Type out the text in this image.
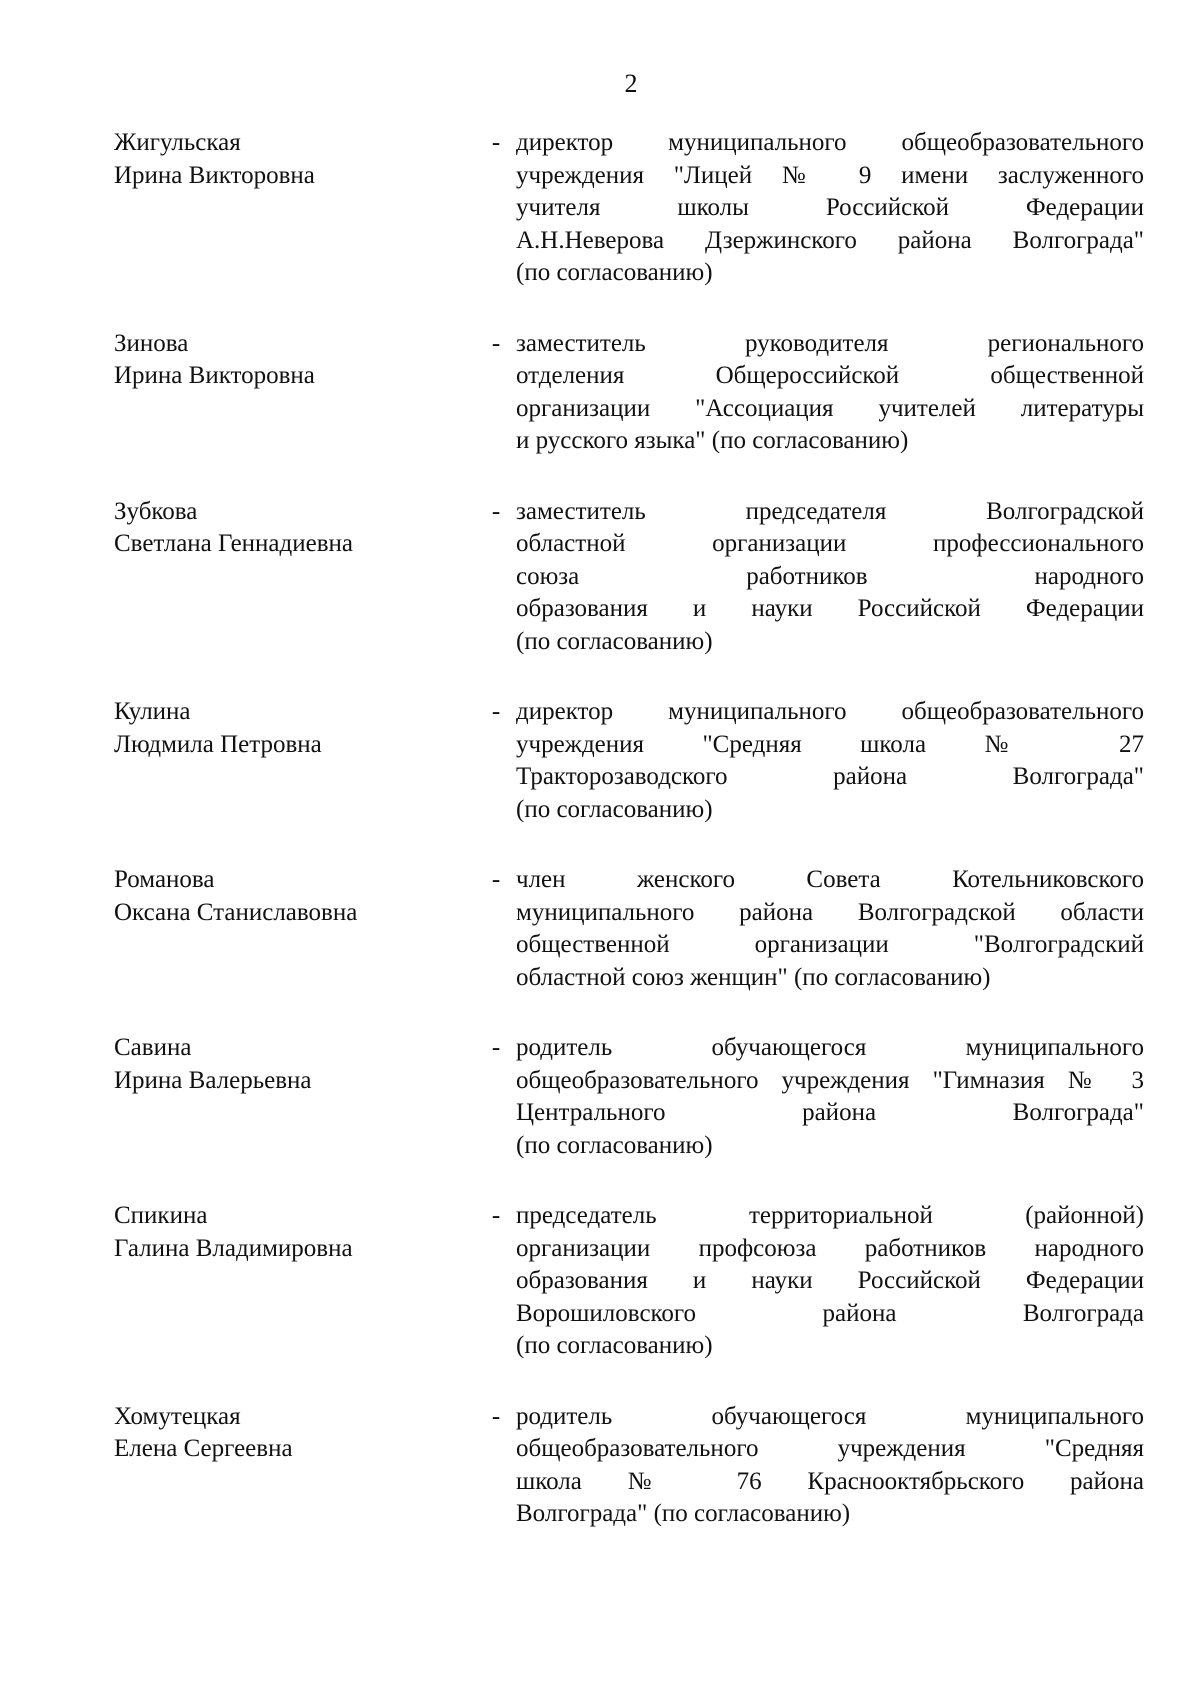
2
Жигульская
Ирина Викторовна
- директор муниципального общеобразовательного
учреждения "Лицей № 9 имени заслуженного
учителя школы Российской Федерации
А.Н.Неверова Дзержинского района Волгограда"
(по согласованию)
Зинова
Ирина Викторовна
- заместитель руководителя регионального
отделения Общероссийской общественной
организации "Ассоциация учителей литературы
и русского языка" (по согласованию)
Зубкова
Светлана Геннадиевна
- заместитель председателя Волгоградской
областной организации профессионального
союза работников народного
образования и науки Российской Федерации
(по согласованию)
Кулина
Людмила Петровна
- директор муниципального общеобразовательного
учреждения "Средняя школа № 27
Тракторозаводского района Волгограда"
(по согласованию)
Романова
Оксана Станиславовна
- член женского Совета Котельниковского
муниципального района Волгоградской области
общественной организации "Волгоградский
областной союз женщин" (по согласованию)
Савина
Ирина Валерьевна
- родитель обучающегося муниципального
общеобразовательного учреждения "Гимназия № 3
Центрального района Волгограда"
(по согласованию)
Спикина
Галина Владимировна
- председатель территориальной (районной)
организации профсоюза работников народного
образования и науки Российской Федерации
Ворошиловского района Волгограда
(по согласованию)
Хомутецкая
Елена Сергеевна
- родитель обучающегося муниципального
общеобразовательного учреждения "Средняя
школа № 76 Краснооктябрьского района
Волгограда" (по согласованию)
